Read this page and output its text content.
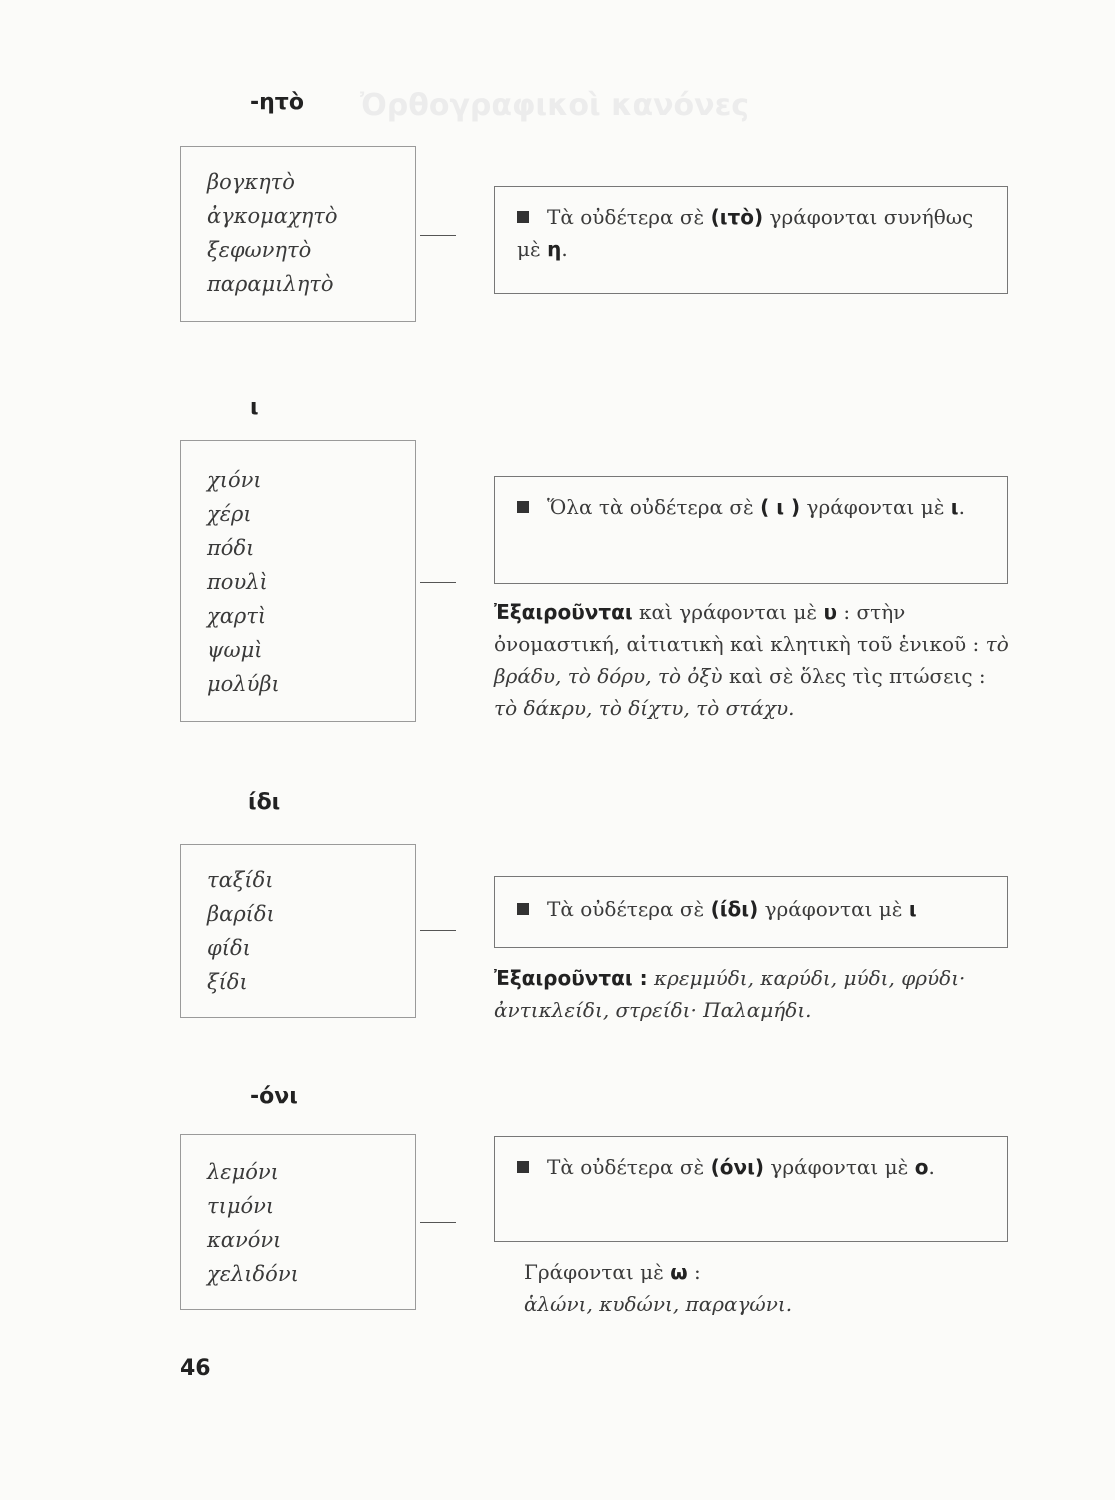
Ὀρθογραφικοὶ κανόνες
-ητὸ
βογκητὸ
ἀγκομαχητὸ
ξεφωνητὸ
παραμιλητὸ
Τὰ οὐδέτερα σὲ (ιτὸ) γράφονται συνήθως μὲ η.
ι
χιόνι
χέρι
πόδι
πουλὶ
χαρτὶ
ψωμὶ
μολύβι
Ὅλα τὰ οὐδέτερα σὲ ( ι ) γράφονται μὲ ι.
Ἐξαιροῦνται καὶ γράφονται μὲ υ : στὴν ὀνομαστική, αἰτιατικὴ καὶ κλητικὴ τοῦ ἑνικοῦ : τὸ βράδυ, τὸ δόρυ, τὸ ὀξὺ καὶ σὲ ὅλες τὶς πτώσεις : τὸ δάκρυ, τὸ δίχτυ, τὸ στάχυ.
ίδι
ταξίδι
βαρίδι
φίδι
ξίδι
Τὰ οὐδέτερα σὲ (ίδι) γράφονται μὲ ι
Ἐξαιροῦνται : κρεμμύδι, καρύδι, μύδι, φρύδι· ἀντικλείδι, στρείδι· Παλαμήδι.
-όνι
λεμόνι
τιμόνι
κανόνι
χελιδόνι
Τὰ οὐδέτερα σὲ (όνι) γράφονται μὲ ο.
Γράφονται μὲ ω :
ἁλώνι, κυδώνι, παραγώνι.
46
